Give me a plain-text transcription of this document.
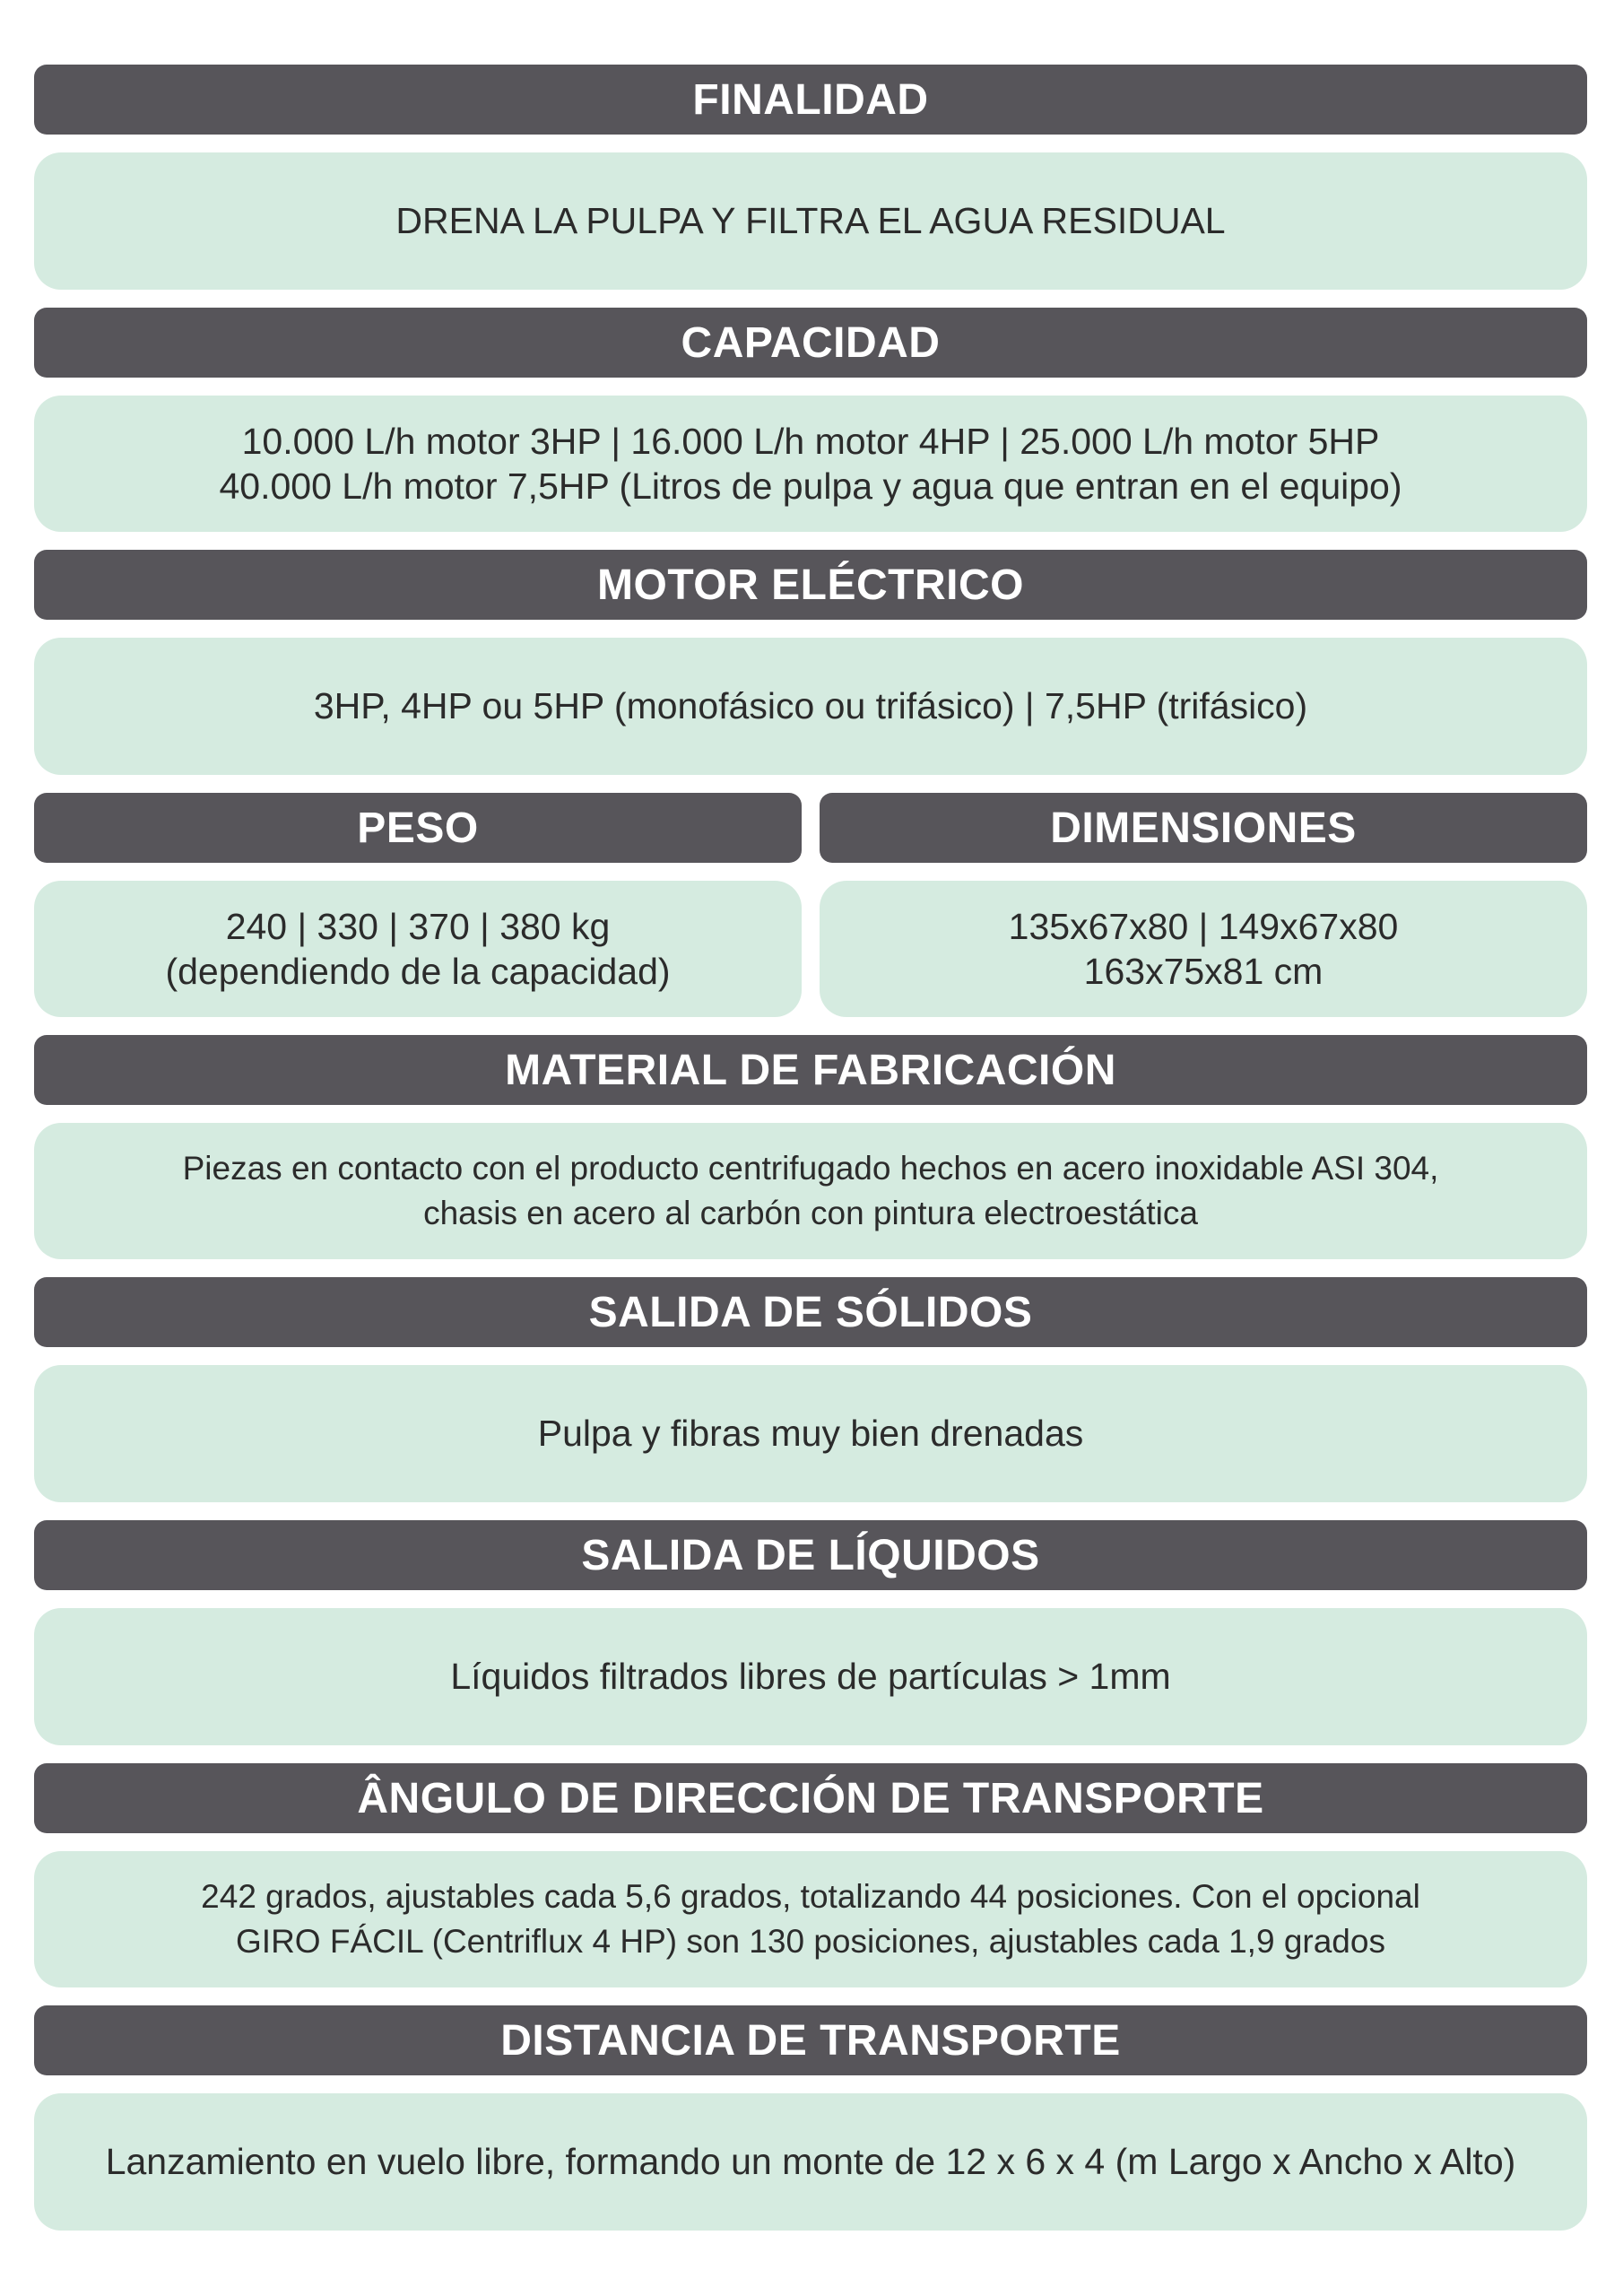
FINALIDAD
DRENA LA PULPA Y FILTRA EL AGUA RESIDUAL
CAPACIDAD
10.000 L/h motor 3HP | 16.000 L/h motor 4HP | 25.000 L/h motor 5HP
40.000 L/h motor 7,5HP (Litros de pulpa y agua que entran en el equipo)
MOTOR ELÉCTRICO
3HP, 4HP ou 5HP (monofásico ou trifásico) | 7,5HP (trifásico)
PESO
240 | 330 | 370 | 380 kg
(dependiendo de la capacidad)
DIMENSIONES
135x67x80 | 149x67x80
163x75x81 cm
MATERIAL DE FABRICACIÓN
Piezas en contacto con el producto centrifugado hechos en acero inoxidable ASI 304,
chasis en acero al carbón con pintura electroestática
SALIDA DE SÓLIDOS
Pulpa y fibras muy bien drenadas
SALIDA DE LÍQUIDOS
Líquidos filtrados libres de partículas > 1mm
ÂNGULO DE DIRECCIÓN DE TRANSPORTE
242 grados, ajustables cada 5,6 grados, totalizando 44 posiciones. Con el opcional
GIRO FÁCIL (Centriflux 4 HP) son 130 posiciones, ajustables cada 1,9 grados
DISTANCIA DE TRANSPORTE
Lanzamiento en vuelo libre, formando un monte de 12 x 6 x 4 (m Largo x Ancho x Alto)
